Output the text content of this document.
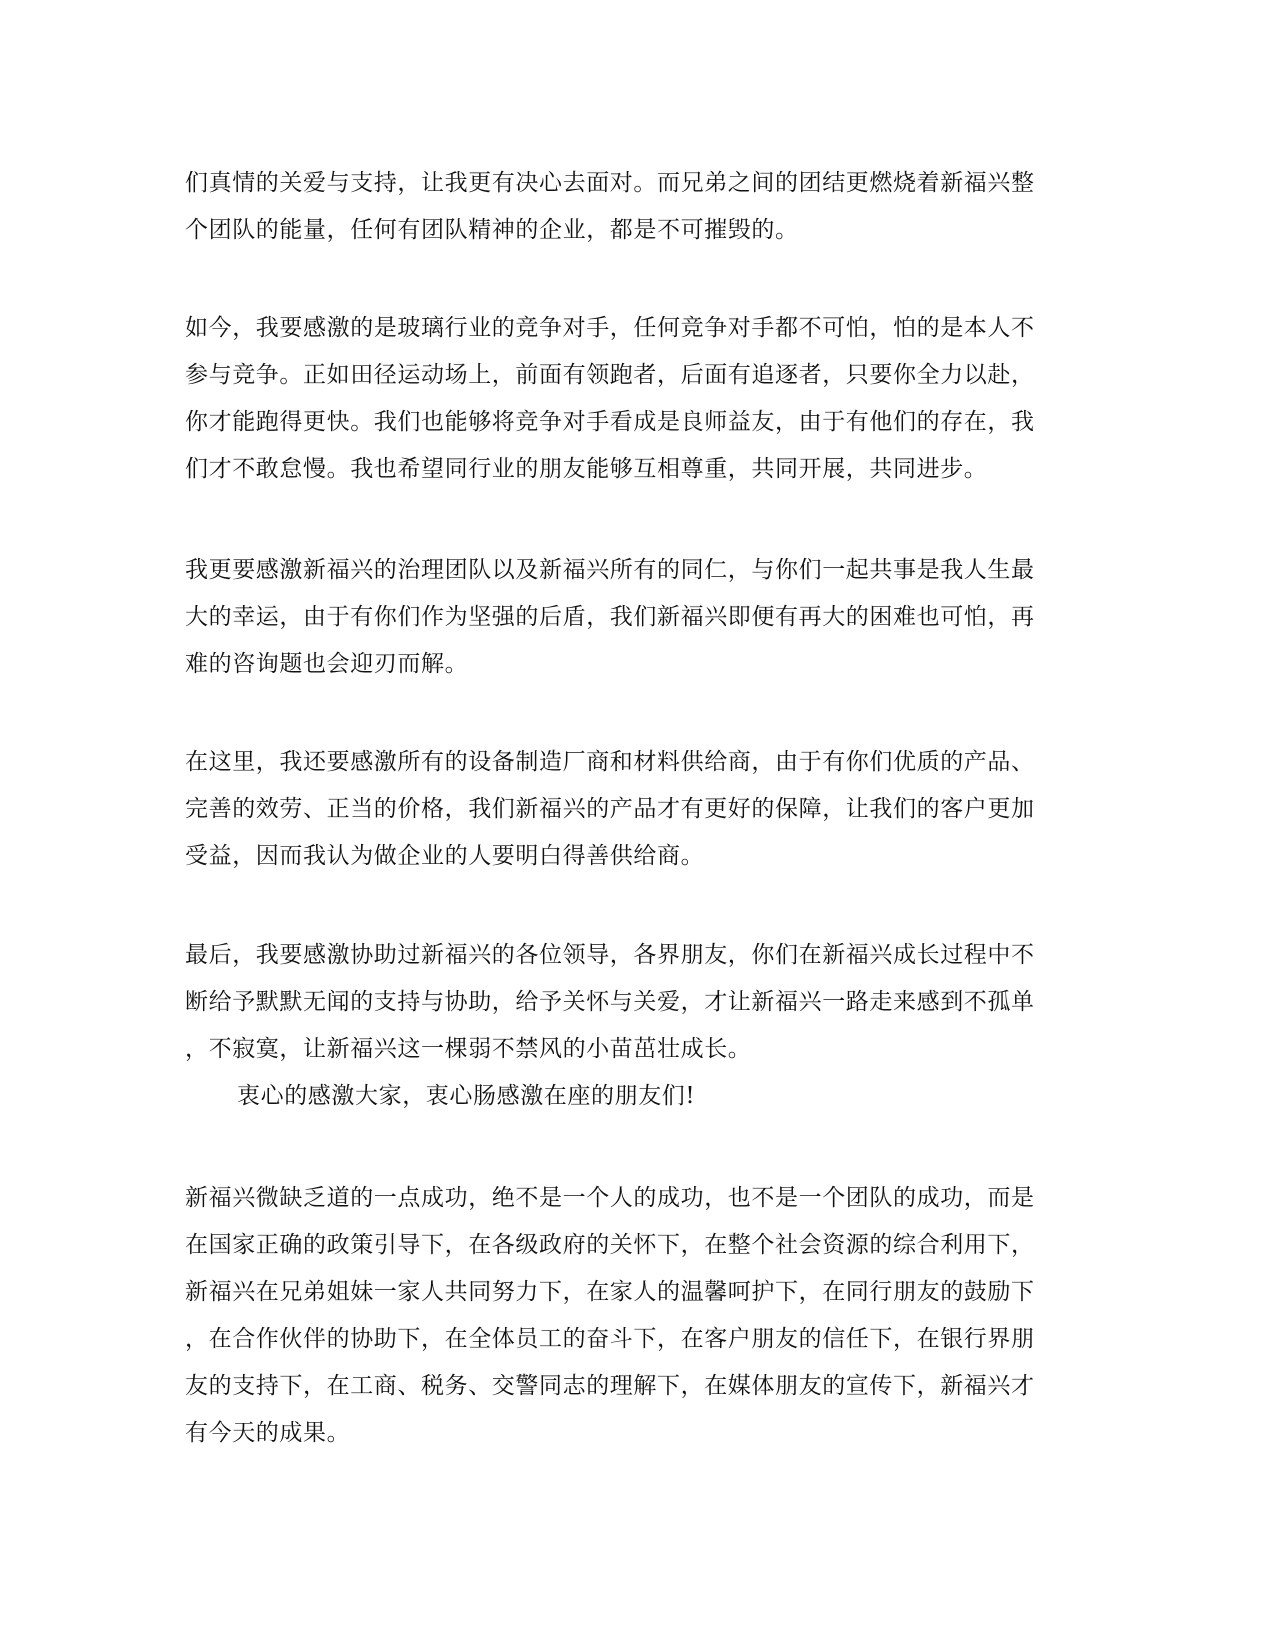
们真情的关爱与支持，让我更有决心去面对。而兄弟之间的团结更燃烧着新福兴整
个团队的能量，任何有团队精神的企业，都是不可摧毁的。

如今，我要感激的是玻璃行业的竞争对手，任何竞争对手都不可怕，怕的是本人不
参与竞争。正如田径运动场上，前面有领跑者，后面有追逐者，只要你全力以赴，
你才能跑得更快。我们也能够将竞争对手看成是良师益友，由于有他们的存在，我
们才不敢怠慢。我也希望同行业的朋友能够互相尊重，共同开展，共同进步。

我更要感激新福兴的治理团队以及新福兴所有的同仁，与你们一起共事是我人生最
大的幸运，由于有你们作为坚强的后盾，我们新福兴即便有再大的困难也可怕，再
难的咨询题也会迎刃而解。

在这里，我还要感激所有的设备制造厂商和材料供给商，由于有你们优质的产品、
完善的效劳、正当的价格，我们新福兴的产品才有更好的保障，让我们的客户更加
受益，因而我认为做企业的人要明白得善供给商。

最后，我要感激协助过新福兴的各位领导，各界朋友，你们在新福兴成长过程中不
断给予默默无闻的支持与协助，给予关怀与关爱，才让新福兴一路走来感到不孤单
，不寂寞，让新福兴这一棵弱不禁风的小苗茁壮成长。

衷心的感激大家，衷心肠感激在座的朋友们!

新福兴微缺乏道的一点成功，绝不是一个人的成功，也不是一个团队的成功，而是
在国家正确的政策引导下，在各级政府的关怀下，在整个社会资源的综合利用下，
新福兴在兄弟姐妹一家人共同努力下，在家人的温馨呵护下，在同行朋友的鼓励下
，在合作伙伴的协助下，在全体员工的奋斗下，在客户朋友的信任下，在银行界朋
友的支持下，在工商、税务、交警同志的理解下，在媒体朋友的宣传下，新福兴才
有今天的成果。
